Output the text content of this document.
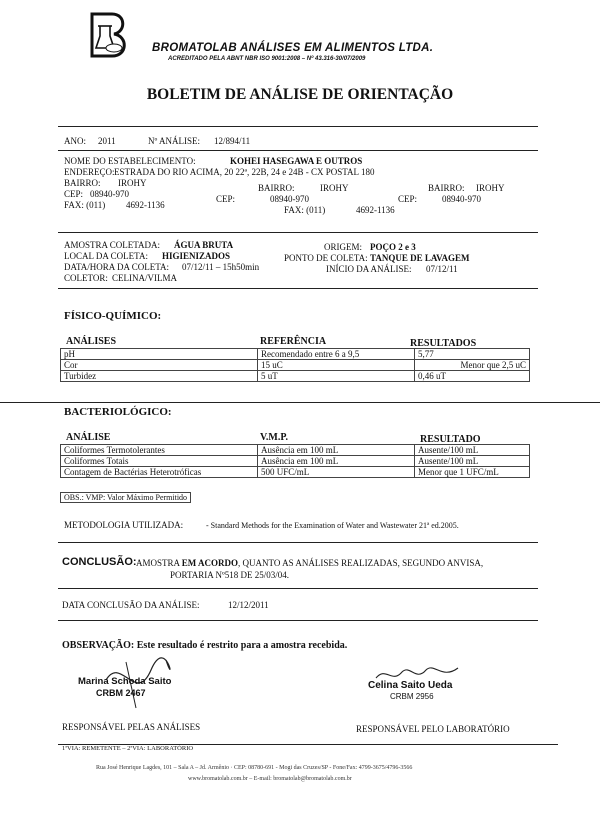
BROMATOLAB ANÁLISES EM ALIMENTOS LTDA.
ACREDITADO PELA ABNT NBR ISO 9001:2008 – Nº 43.316-30/07/2009
BOLETIM DE ANÁLISE DE ORIENTAÇÃO
ANO: 2011	Nº ANÁLISE: 12/894/11
NOME DO ESTABELECIMENTO:	KOHEI HASEGAWA E OUTROS
ENDEREÇO: ESTRADA DO RIO ACIMA, 20 22ª, 22B, 24 e 24B - CX POSTAL 180
BAIRRO: IROHY	BAIRRO:	IROHY	BAIRRO: IROHY
CEP: 08940-970	CEP:	08940-970	CEP:	08940-970
FAX: (011) 4692-1136	FAX: (011)	4692-1136
AMOSTRA COLETADA: ÁGUA BRUTA	ORIGEM: POÇO 2 e 3
LOCAL DA COLETA: HIGIENIZADOS	PONTO DE COLETA: TANQUE DE LAVAGEM
DATA/HORA DA COLETA: 07/12/11 – 15h50min	INÍCIO DA ANÁLISE: 07/12/11
COLETOR: CELINA/VILMA
FÍSICO-QUÍMICO:
ANÁLISES	REFERÊNCIA	RESULTADOS
pH	Recomendado entre 6 a 9,5	5,77
Cor	15 uC	Menor que 2,5 uC
Turbidez	5 uT	0,46 uT
BACTERIOLÓGICO:
ANÁLISE	V.M.P.	RESULTADO
Coliformes Termotolerantes	Ausência em 100 mL	Ausente/100 mL
Coliformes Totais	Ausência em 100 mL	Ausente/100 mL
Contagem de Bactérias Heterotróficas	500 UFC/mL	Menor que 1 UFC/mL
OBS.: VMP: Valor Máximo Permitido
METODOLOGIA UTILIZADA:	- Standard Methods for the Examination of Water and Wastewater 21ª ed.2005.
CONCLUSÃO: AMOSTRA EM ACORDO, QUANTO AS ANÁLISES REALIZADAS, SEGUNDO ANVISA,
PORTARIA Nº518 DE 25/03/04.
DATA CONCLUSÃO DA ANÁLISE:	12/12/2011
OBSERVAÇÃO: Este resultado é restrito para a amostra recebida.
Marina Schoda Saito
CRBM 2467
RESPONSÁVEL PELAS ANÁLISES
Celina Saito Ueda
CRBM 2956
RESPONSÁVEL PELO LABORATÓRIO
1ªVIA: REMETENTE – 2ªVIA: LABORATÓRIO
Rua José Henrique Lagdes, 101 – Sala A – Jd. Armênio · CEP: 08780-691 - Mogi das Cruzes/SP - Fone/Fax: 4799-3675/4796-3566
www.bromatolab.com.br – E-mail: bromatolab@bromatolab.com.br
